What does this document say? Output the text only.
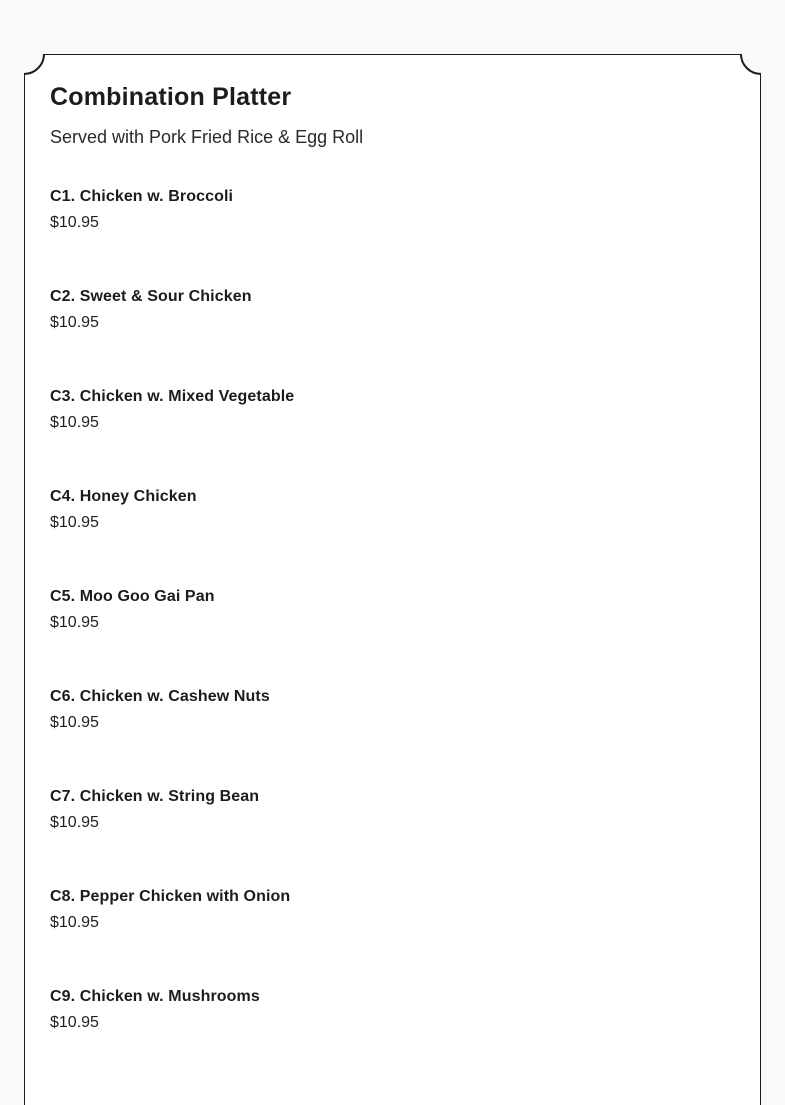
Combination Platter
Served with Pork Fried Rice & Egg Roll
C1. Chicken w. Broccoli
$10.95
C2. Sweet & Sour Chicken
$10.95
C3. Chicken w. Mixed Vegetable
$10.95
C4. Honey Chicken
$10.95
C5. Moo Goo Gai Pan
$10.95
C6. Chicken w. Cashew Nuts
$10.95
C7. Chicken w. String Bean
$10.95
C8. Pepper Chicken with Onion
$10.95
C9. Chicken w. Mushrooms
$10.95
